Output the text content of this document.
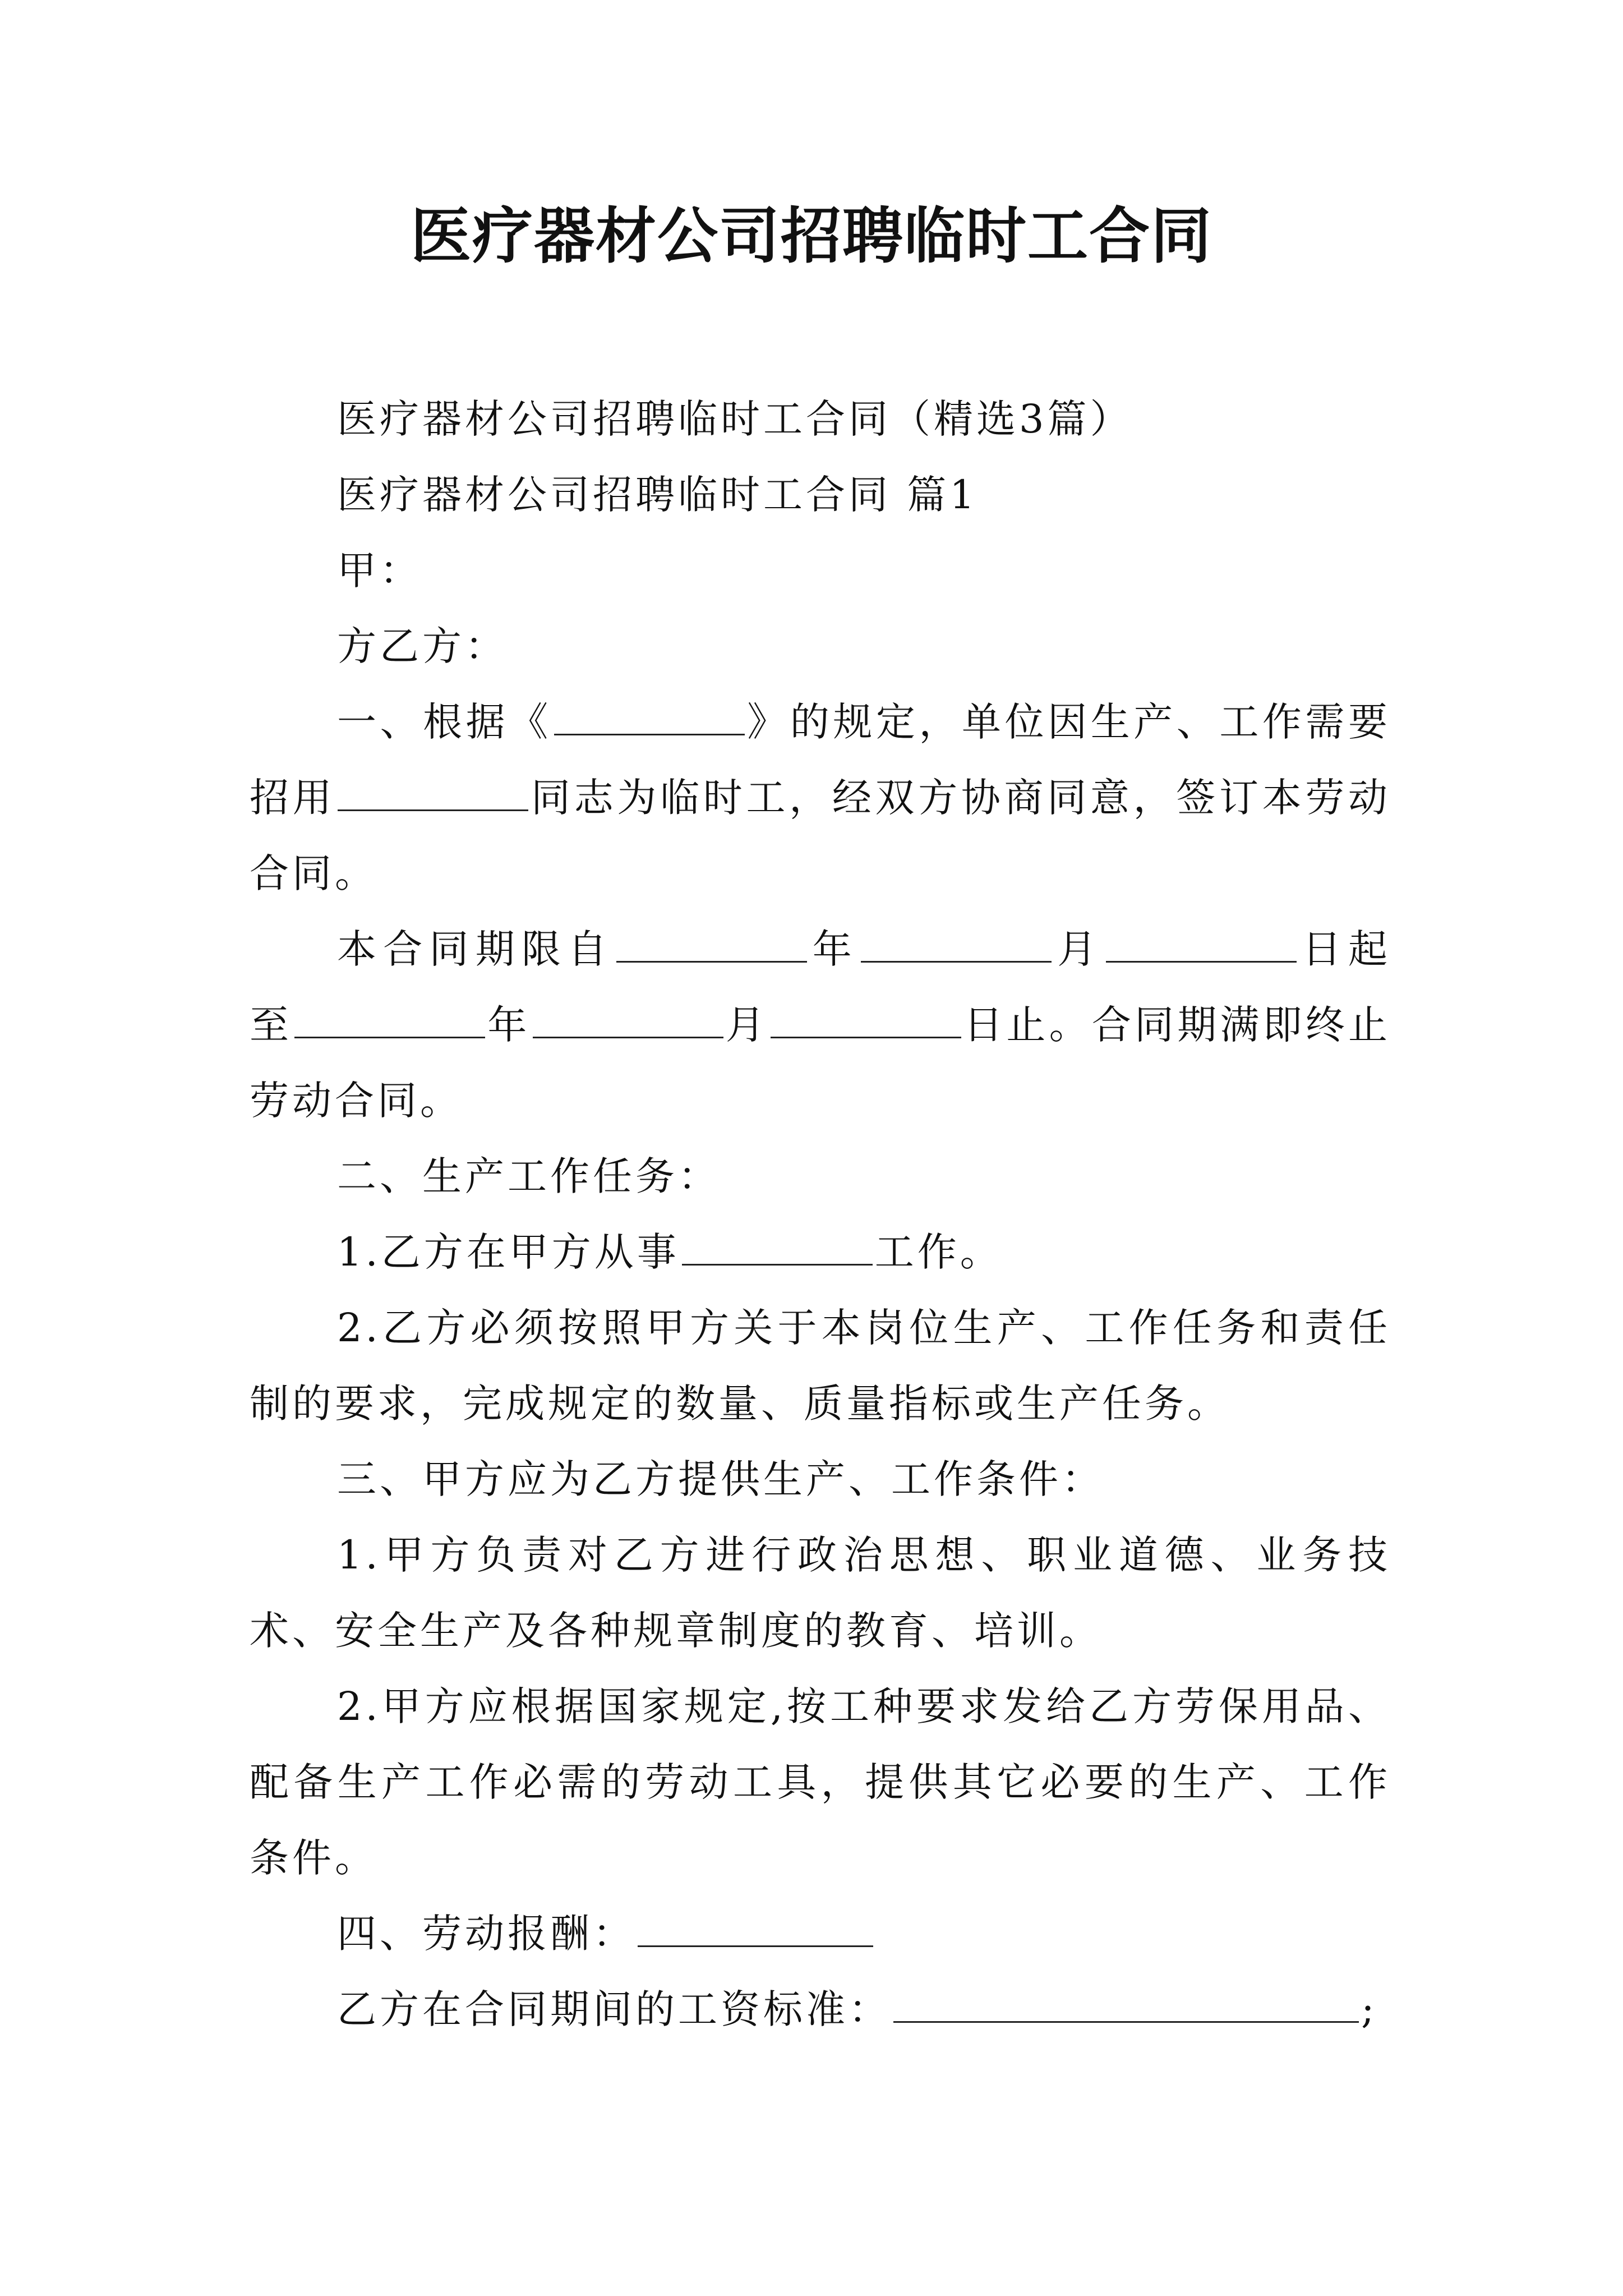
医疗器材公司招聘临时工合同

医疗器材公司招聘临时工合同（精选3篇）

医疗器材公司招聘临时工合同 篇1

甲：

方乙方：

一、根据《	》的规定，单位因生产、工作需要招用	同志为临时工，经双方协商同意，签订本劳动合同。

本合同期限自	年	月	日起至	年	月	日止。合同期满即终止劳动合同。

二、生产工作任务：

1.乙方在甲方从事	工作。

2.乙方必须按照甲方关于本岗位生产、工作任务和责任制的要求，完成规定的数量、质量指标或生产任务。

三、甲方应为乙方提供生产、工作条件：

1.甲方负责对乙方进行政治思想、职业道德、业务技术、安全生产及各种规章制度的教育、培训。

2.甲方应根据国家规定,按工种要求发给乙方劳保用品、配备生产工作必需的劳动工具，提供其它必要的生产、工作条件。

四、劳动报酬：

乙方在合同期间的工资标准：	;
